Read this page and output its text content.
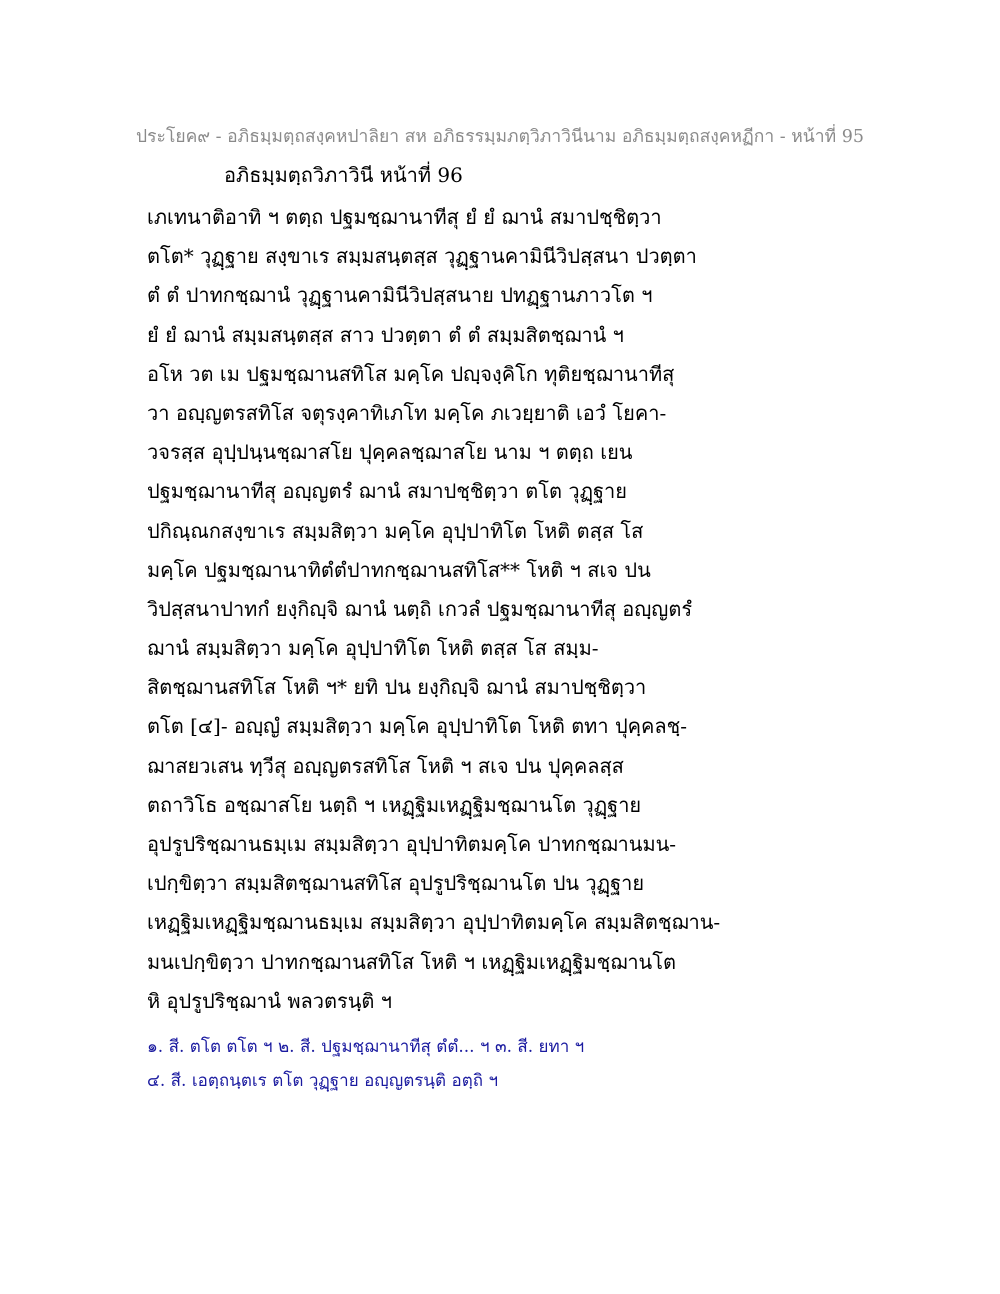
ประโยค๙ - อภิธมฺมตฺถสงฺคหปาลิยา สห อภิธรรมฺมภตฺวิภาวินีนาม อภิธมฺมตฺถสงฺคหฏีกา - หน้าที่ 95
อภิธมฺมตฺถวิภาวินี หน้าที่ 96
เภเทนาติอาทิ ฯ ตตฺถ ปฐมชฺฌานาทีสุ ยํ ยํ ฌานํ สมาปชฺชิตฺวา
ตโต* วุฏฺฐาย สงฺขาเร สมฺมสนฺตสฺส วุฏฺฐานคามินีวิปสฺสนา ปวตฺตา
ตํ ตํ ปาทกชฺฌานํ วุฏฺฐานคามินีวิปสฺสนาย ปทฏฺฐานภาวโต ฯ
ยํ ยํ ฌานํ สมฺมสนฺตสฺส สาว ปวตฺตา ตํ ตํ สมฺมสิตชฺฌานํ ฯ
อโห วต เม ปฐมชฺฌานสทิโส มคฺโค ปญฺจงฺคิโก ทุติยชฺฌานาทีสุ
วา อญฺญตรสทิโส จตุรงฺคาทิเภโท มคฺโค ภเวยฺยาติ เอวํ โยคา-
วจรสฺส อุปฺปนฺนชฺฌาสโย ปุคฺคลชฺฌาสโย นาม ฯ ตตฺถ เยน
ปฐมชฺฌานาทีสุ อญฺญตรํ ฌานํ สมาปชฺชิตฺวา ตโต วุฏฺฐาย
ปกิณฺณกสงฺขาเร สมฺมสิตฺวา มคฺโค อุปฺปาทิโต โหติ ตสฺส โส
มคฺโค ปฐมชฺฌานาทิตํตํปาทกชฺฌานสทิโส** โหติ ฯ สเจ ปน
วิปสฺสนาปาทกํ ยงฺกิญฺจิ ฌานํ นตฺถิ เกวลํ ปฐมชฺฌานาทีสุ อญฺญตรํ
ฌานํ สมฺมสิตฺวา มคฺโค อุปฺปาทิโต โหติ ตสฺส โส สมฺม-
สิตชฺฌานสทิโส โหติ ฯ* ยทิ ปน ยงฺกิญฺจิ ฌานํ สมาปชฺชิตฺวา
ตโต [๔]- อญฺญํ สมฺมสิตฺวา มคฺโค อุปฺปาทิโต โหติ ตทา ปุคฺคลชฺ-
ฌาสยวเสน ทฺวีสุ อญฺญตรสทิโส โหติ ฯ สเจ ปน ปุคฺคลสฺส
ตถาวิโธ อชฺฌาสโย นตฺถิ ฯ เหฏฺฐิมเหฏฺฐิมชฺฌานโต วุฏฺฐาย
อุปรูปริชฺฌานธมฺเม สมฺมสิตฺวา อุปฺปาทิตมคฺโค ปาทกชฺฌานมน-
เปกฺขิตฺวา สมฺมสิตชฺฌานสทิโส อุปรูปริชฺฌานโต ปน วุฏฺฐาย
เหฏฺฐิมเหฏฺฐิมชฺฌานธมฺเม สมฺมสิตฺวา อุปฺปาทิตมคฺโค สมฺมสิตชฺฌาน-
มนเปกฺขิตฺวา ปาทกชฺฌานสทิโส โหติ ฯ เหฏฺฐิมเหฏฺฐิมชฺฌานโต
หิ อุปรูปริชฺฌานํ พลวตรนฺติ ฯ
๑. สี. ตโต ตโต ฯ ๒. สี. ปฐมชฺฌานาทีสุ ตํตํ... ฯ ๓. สี. ยทา ฯ
๔. สี. เอตฺถนฺตเร ตโต วุฏฺฐาย อญฺญตรนฺติ อตฺถิ ฯ
